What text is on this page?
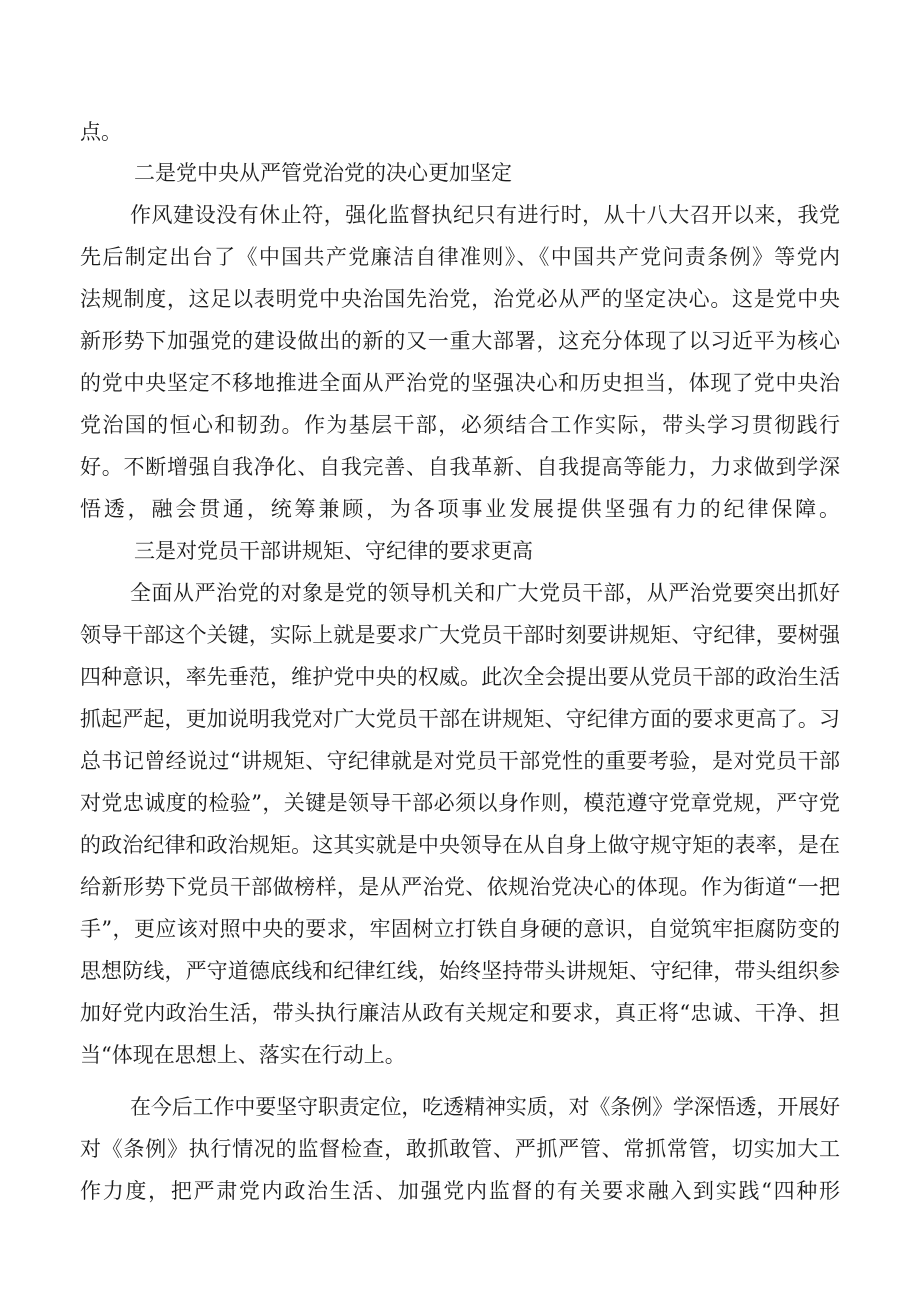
点。

二是党中央从严管党治党的决心更加坚定

作风建设没有休止符，强化监督执纪只有进行时，从十八大召开以来，我党

先后制定出台了《中国共产党廉洁自律准则》、《中国共产党问责条例》等党内

法规制度，这足以表明党中央治国先治党，治党必从严的坚定决心。这是党中央

新形势下加强党的建设做出的新的又一重大部署，这充分体现了以习近平为核心

的党中央坚定不移地推进全面从严治党的坚强决心和历史担当，体现了党中央治

党治国的恒心和韧劲。作为基层干部，必须结合工作实际，带头学习贯彻践行

好。不断增强自我净化、自我完善、自我革新、自我提高等能力，力求做到学深

悟透，融会贯通，统筹兼顾，为各项事业发展提供坚强有力的纪律保障。

三是对党员干部讲规矩、守纪律的要求更高

全面从严治党的对象是党的领导机关和广大党员干部，从严治党要突出抓好

领导干部这个关键，实际上就是要求广大党员干部时刻要讲规矩、守纪律，要树强

四种意识，率先垂范，维护党中央的权威。此次全会提出要从党员干部的政治生活

抓起严起，更加说明我党对广大党员干部在讲规矩、守纪律方面的要求更高了。习

总书记曾经说过“讲规矩、守纪律就是对党员干部党性的重要考验，是对党员干部

对党忠诚度的检验”，关键是领导干部必须以身作则，模范遵守党章党规，严守党

的政治纪律和政治规矩。这其实就是中央领导在从自身上做守规守矩的表率，是在

给新形势下党员干部做榜样，是从严治党、依规治党决心的体现。作为街道“一把

手”，更应该对照中央的要求，牢固树立打铁自身硬的意识，自觉筑牢拒腐防变的

思想防线，严守道德底线和纪律红线，始终坚持带头讲规矩、守纪律，带头组织参

加好党内政治生活，带头执行廉洁从政有关规定和要求，真正将“忠诚、干净、担

当“体现在思想上、落实在行动上。

在今后工作中要坚守职责定位，吃透精神实质，对《条例》学深悟透，开展好

对《条例》执行情况的监督检查，敢抓敢管、严抓严管、常抓常管，切实加大工

作力度，把严肃党内政治生活、加强党内监督的有关要求融入到实践“四种形
